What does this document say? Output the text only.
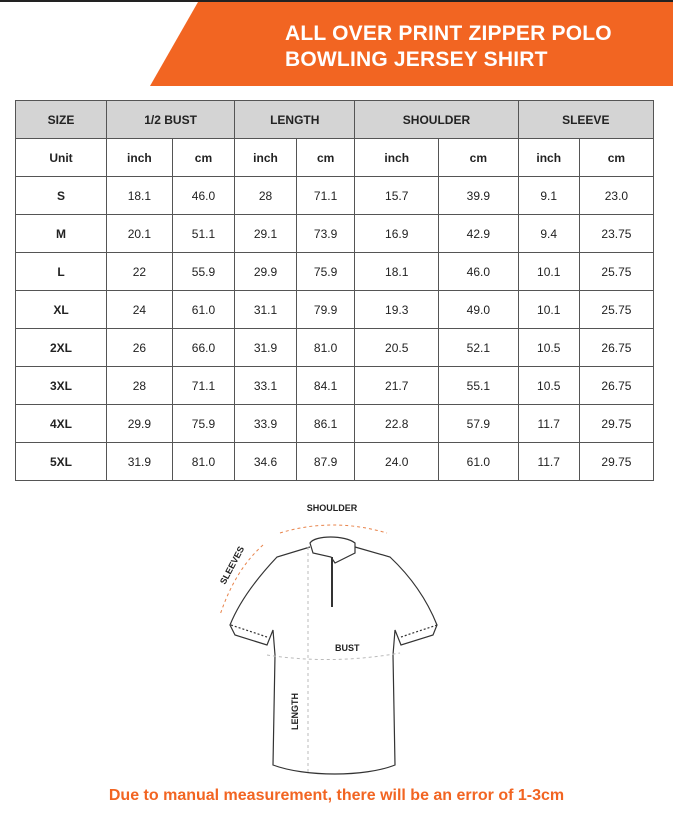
ALL OVER PRINT ZIPPER POLO
BOWLING JERSEY SHIRT
SIZE	1/2 BUST		LENGTH		SHOULDER		SLEEVE	
Unit	inch	cm	inch	cm	inch	cm	inch	cm
S	18.1	46.0	28	71.1	15.7	39.9	9.1	23.0
M	20.1	51.1	29.1	73.9	16.9	42.9	9.4	23.75
L	22	55.9	29.9	75.9	18.1	46.0	10.1	25.75
XL	24	61.0	31.1	79.9	19.3	49.0	10.1	25.75
2XL	26	66.0	31.9	81.0	20.5	52.1	10.5	26.75
3XL	28	71.1	33.1	84.1	21.7	55.1	10.5	26.75
4XL	29.9	75.9	33.9	86.1	22.8	57.9	11.7	29.75
5XL	31.9	81.0	34.6	87.9	24.0	61.0	11.7	29.75
SHOULDER
SLEEVES
BUST
LENGTH
Due to manual measurement, there will be an error of 1-3cm
